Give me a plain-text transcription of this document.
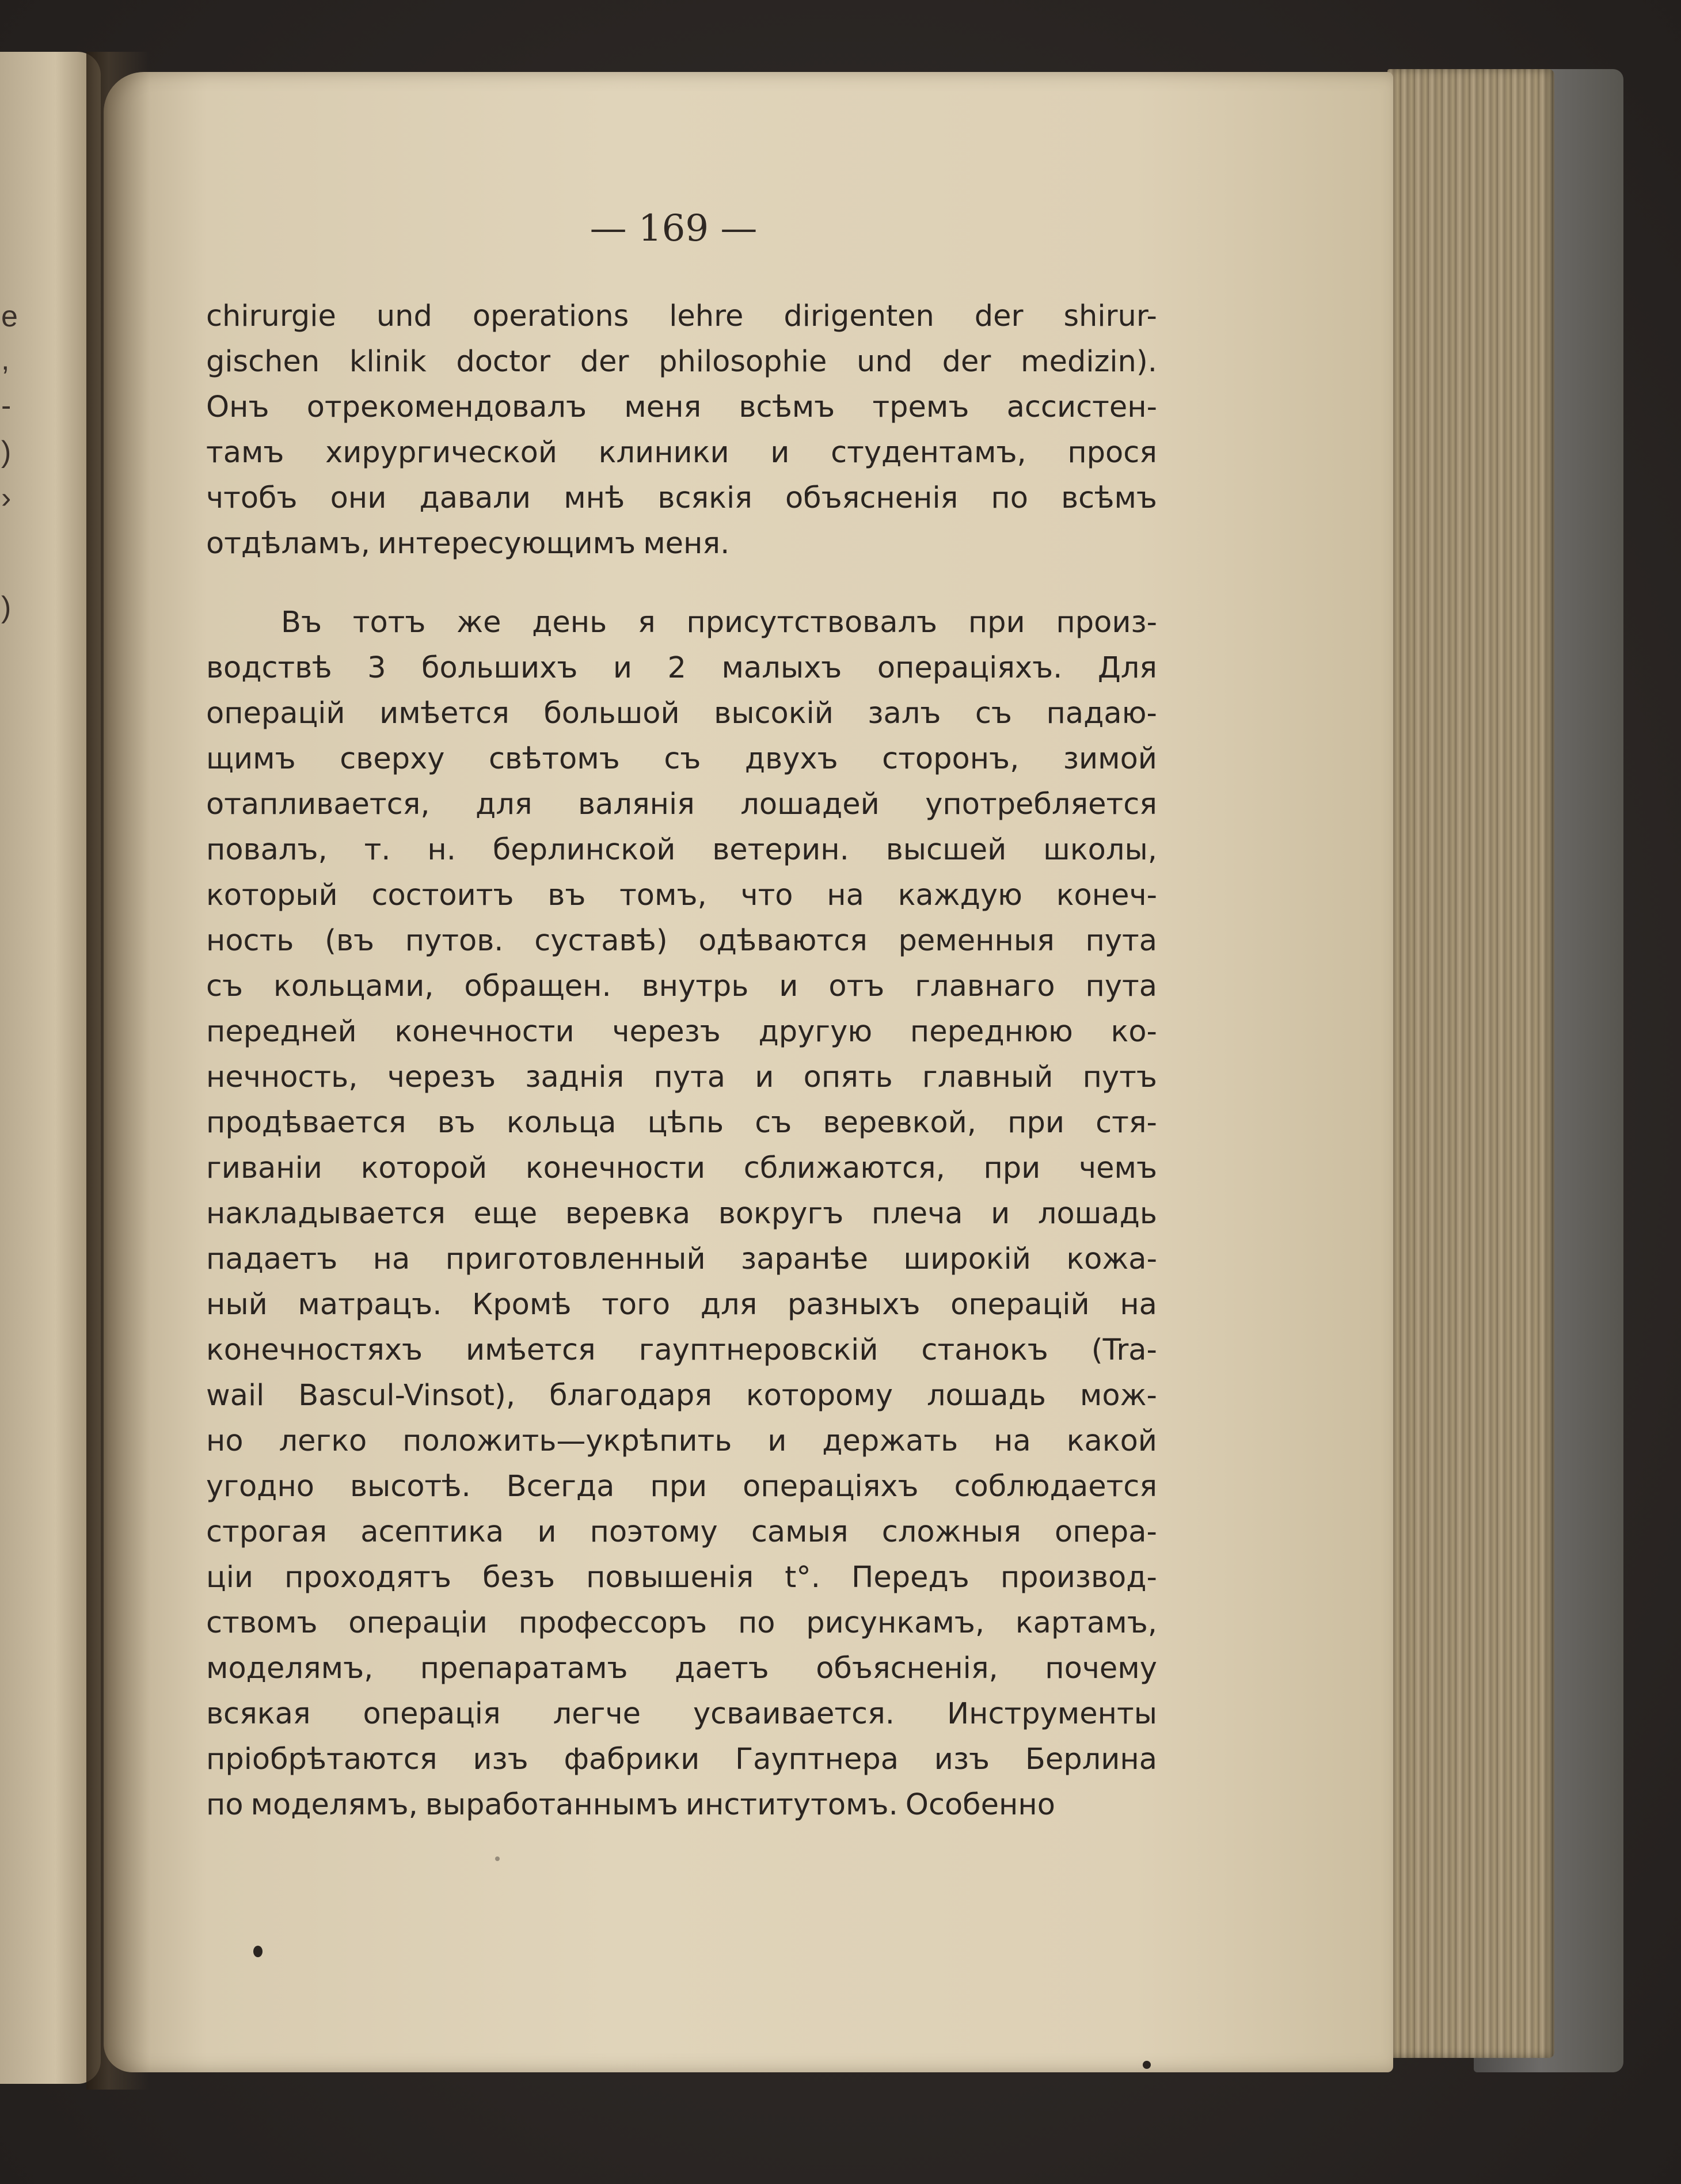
e
,
-
)
›
)
— 169 —
chirurgie und operations lehre dirigenten der shirur-
gischen klinik doctor der philosophie und der medizin).
Онъ отрекомендовалъ меня всѣмъ тремъ ассистен-
тамъ хирургической клиники и студентамъ, прося
чтобъ они давали мнѣ всякія объясненія по всѣмъ
отдѣламъ, интересующимъ меня.
Въ тотъ же день я присутствовалъ при произ-
водствѣ 3 большихъ и 2 малыхъ операціяхъ. Для
операцій имѣется большой высокій залъ съ падаю-
щимъ сверху свѣтомъ съ двухъ сторонъ, зимой
отапливается, для валянія лошадей употребляется
повалъ, т. н. берлинской ветерин. высшей школы,
который состоитъ въ томъ, что на каждую конеч-
ность (въ путов. суставѣ) одѣваются ременныя пута
съ кольцами, обращен. внутрь и отъ главнаго пута
передней конечности черезъ другую переднюю ко-
нечность, черезъ заднія пута и опять главный путъ
продѣвается въ кольца цѣпь съ веревкой, при стя-
гиваніи которой конечности сближаются, при чемъ
накладывается еще веревка вокругъ плеча и лошадь
падаетъ на приготовленный заранѣе широкій кожа-
ный матрацъ. Кромѣ того для разныхъ операцій на
конечностяхъ имѣется гауптнеровскій станокъ (Tra-
wail Bascul-Vinsot), благодаря которому лошадь мож-
но легко положить—укрѣпить и держать на какой
угодно высотѣ. Всегда при операціяхъ соблюдается
строгая асептика и поэтому самыя сложныя опера-
ціи проходятъ безъ повышенія t°. Передъ производ-
ствомъ операціи профессоръ по рисункамъ, картамъ,
моделямъ, препаратамъ даетъ объясненія, почему
всякая операція легче усваивается. Инструменты
пріобрѣтаются изъ фабрики Гауптнера изъ Берлина
по моделямъ, выработаннымъ институтомъ. Особенно
